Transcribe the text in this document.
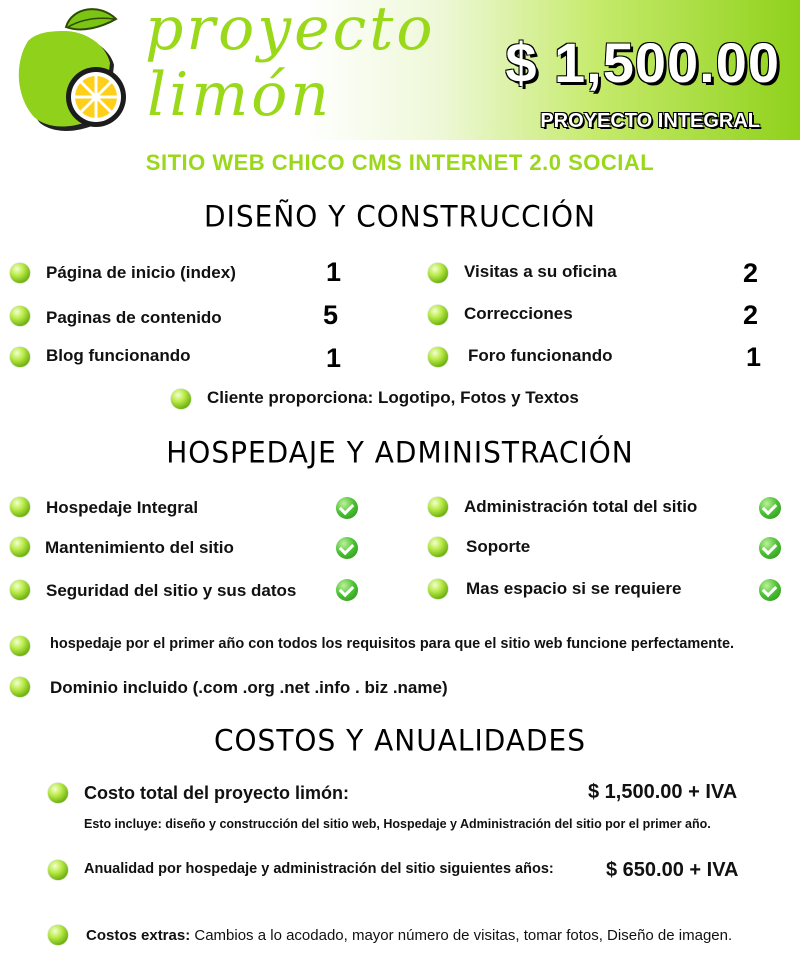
proyecto
limón	$ 1,500.00
PROYECTO INTEGRAL
SITIO WEB CHICO CMS INTERNET 2.0 SOCIAL
DISEÑO Y CONSTRUCCIÓN
Página de inicio (index)	1
Paginas de contenido	5
Blog funcionando	1
Visitas a su oficina	2
Correcciones	2
Foro funcionando	1
Cliente proporciona: Logotipo, Fotos y Textos
HOSPEDAJE Y ADMINISTRACIÓN
Hospedaje Integral
Mantenimiento del sitio
Seguridad del sitio y sus datos
Administración total del sitio
Soporte
Mas espacio si se requiere
hospedaje por el primer año con todos los requisitos para que el sitio web funcione perfectamente.
Dominio incluido (.com .org .net .info . biz .name)
COSTOS Y ANUALIDADES
Costo total del proyecto limón:	$ 1,500.00 + IVA
Esto incluye: diseño y construcción del sitio web, Hospedaje y Administración del sitio por el primer año.
Anualidad por hospedaje y administración del sitio siguientes años:	$ 650.00 + IVA
Costos extras: Cambios a lo acodado, mayor número de visitas, tomar fotos, Diseño de imagen.
